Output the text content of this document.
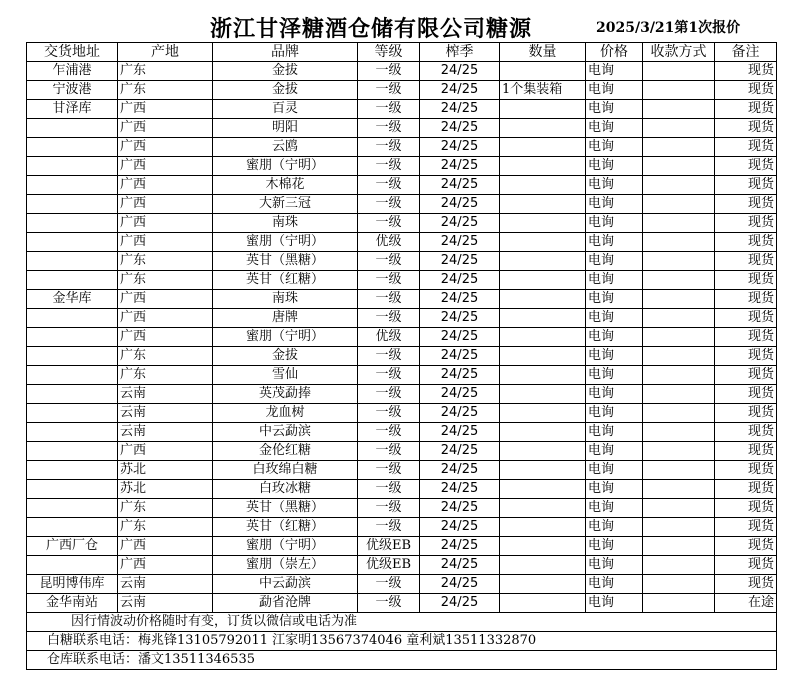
浙江甘泽糖酒仓储有限公司糖源	2025/3/21第1次报价
交货地址	产地	品牌	等级	榨季	数量	价格	收款方式	备注
乍浦港	广东	金拔	一级	24/25		电询		现货
宁波港	广东	金拔	一级	24/25	1个集装箱	电询		现货
甘泽库	广西	百灵	一级	24/25		电询		现货
	广西	明阳	一级	24/25		电询		现货
	广西	云鸥	一级	24/25		电询		现货
	广西	蜜朋（宁明）	一级	24/25		电询		现货
	广西	木棉花	一级	24/25		电询		现货
	广西	大新三冠	一级	24/25		电询		现货
	广西	南珠	一级	24/25		电询		现货
	广西	蜜朋（宁明）	优级	24/25		电询		现货
	广东	英甘（黑糖）	一级	24/25		电询		现货
	广东	英甘（红糖）	一级	24/25		电询		现货
金华库	广西	南珠	一级	24/25		电询		现货
	广西	唐牌	一级	24/25		电询		现货
	广西	蜜朋（宁明）	优级	24/25		电询		现货
	广东	金拔	一级	24/25		电询		现货
	广东	雪仙	一级	24/25		电询		现货
	云南	英茂勐捧	一级	24/25		电询		现货
	云南	龙血树	一级	24/25		电询		现货
	云南	中云勐滨	一级	24/25		电询		现货
	广西	金伦红糖	一级	24/25		电询		现货
	苏北	白玫绵白糖	一级	24/25		电询		现货
	苏北	白玫冰糖	一级	24/25		电询		现货
	广东	英甘（黑糖）	一级	24/25		电询		现货
	广东	英甘（红糖）	一级	24/25		电询		现货
广西厂仓	广西	蜜朋（宁明）	优级EB	24/25		电询		现货
	广西	蜜朋（崇左）	优级EB	24/25		电询		现货
昆明博伟库	云南	中云勐滨	一级	24/25		电询		现货
金华南站	云南	勐省沧牌	一级	24/25		电询		在途
因行情波动价格随时有变，订货以微信或电话为准								
白糖联系电话：梅兆锋13105792011 江家明13567374046 童利斌13511332870								
仓库联系电话：潘文13511346535								
